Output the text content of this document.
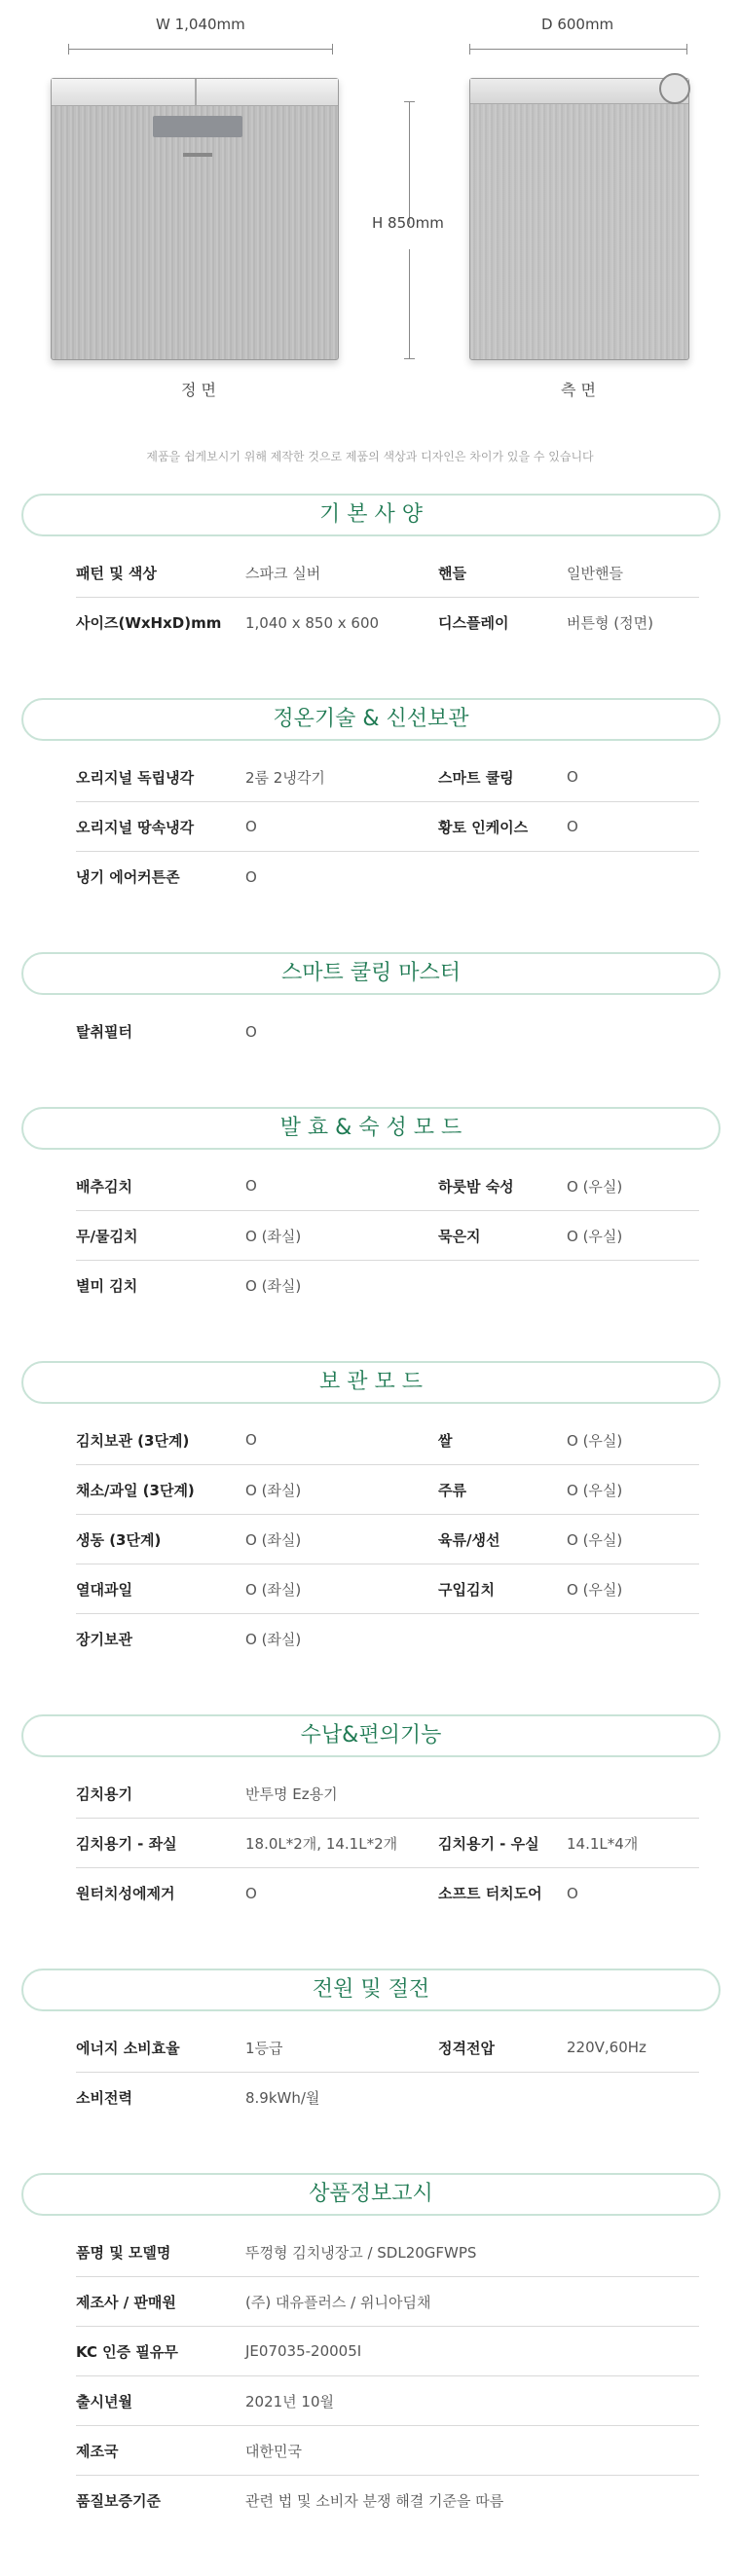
W 1,040mm	D 600mm
H 850mm
정 면	측 면

제품을 쉽게보시기 위해 제작한 것으로 제품의 색상과 디자인은 차이가 있을 수 있습니다

기 본 사 양
패턴 및 색상	스파크 실버	핸들	일반핸들
사이즈(WxHxD)mm	1,040 x 850 x 600	디스플레이	버튼형 (정면)
정온기술 & 신선보관
오리지널 독립냉각	2룸 2냉각기	스마트 쿨링	O
오리지널 땅속냉각	O	황토 인케이스	O
냉기 에어커튼존	O
스마트 쿨링 마스터
탈취필터	O
발 효 & 숙 성 모 드
배추김치	O	하룻밤 숙성	O (우실)
무/물김치	O (좌실)	묵은지	O (우실)
별미 김치	O (좌실)
보 관 모 드
김치보관 (3단계)	O	쌀	O (우실)
채소/과일 (3단계)	O (좌실)	주류	O (우실)
생동 (3단계)	O (좌실)	육류/생선	O (우실)
열대과일	O (좌실)	구입김치	O (우실)
장기보관	O (좌실)
수납&편의기능
김치용기	반투명 Ez용기
김치용기 - 좌실	18.0L*2개, 14.1L*2개	김치용기 - 우실	14.1L*4개
원터치성에제거	O	소프트 터치도어	O
전원 및 절전
에너지 소비효율	1등급	정격전압	220V,60Hz
소비전력	8.9kWh/월
상품정보고시
품명 및 모델명	뚜껑형 김치냉장고 / SDL20GFWPS
제조사 / 판매원	(주) 대유플러스 / 위니아딤채
KC 인증 필유무	JE07035-20005I
출시년월	2021년 10월
제조국	대한민국
품질보증기준	관련 법 및 소비자 분쟁 해결 기준을 따름
